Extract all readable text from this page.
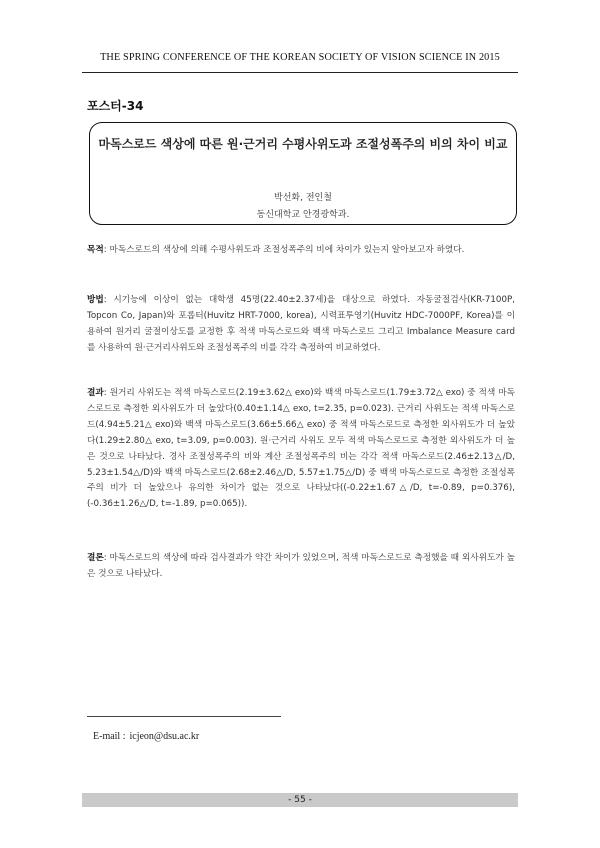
THE SPRING CONFERENCE OF THE KOREAN SOCIETY OF VISION SCIENCE IN 2015
포스터-34
마독스로드 색상에 따른 원·근거리 수평사위도과 조절성폭주의 비의 차이 비교
박선화, 전인철
동신대학교 안경광학과.
목적: 마독스로드의 색상에 의해 수평사위도과 조절성폭주의 비에 차이가 있는지 알아보고자 하였다.
방법: 시기능에 이상이 없는 대학생 45명(22.40±2.37세)을 대상으로 하였다. 자동굴절검사(KR-7100P, Topcon Co, Japan)와 포롭터(Huvitz HRT-7000, korea), 시력표투영기(Huvitz HDC-7000PF, Korea)를 이용하여 원거리 굴절이상도를 교정한 후 적색 마독스로드와 백색 마독스로드 그리고 Imbalance Measure card를 사용하여 원·근거리사위도와 조절성폭주의 비를 각각 측정하여 비교하였다.
결과: 원거리 사위도는 적색 마독스로드(2.19±3.62△ exo)와 백색 마독스로드(1.79±3.72△ exo) 중 적색 마독스로드로 측정한 외사위도가 더 높았다(0.40±1.14△ exo, t=2.35, p=0.023). 근거리 사위도는 적색 마독스로드(4.94±5.21△ exo)와 백색 마독스로드(3.66±5.66△ exo) 중 적색 마독스로드로 측정한 외사위도가 더 높았다(1.29±2.80△ exo, t=3.09, p=0.003). 원·근거리 사위도 모두 적색 마독스로드로 측정한 외사위도가 더 높은 것으로 나타났다. 경사 조절성폭주의 비와 계산 조절성폭주의 비는 각각 적색 마독스로드(2.46±2.13△/D, 5.23±1.54△/D)와 백색 마독스로드(2.68±2.46△/D, 5.57±1.75△/D) 중 백색 마독스로드로 측정한 조절성폭주의 비가 더 높았으나 유의한 차이가 없는 것으로 나타났다((-0.22±1.67△/D, t=-0.89, p=0.376), (-0.36±1.26△/D, t=-1.89, p=0.065)).
결론: 마독스로드의 색상에 따라 검사결과가 약간 차이가 있었으며, 적색 마독스로드로 측정했을 때 외사위도가 높은 것으로 나타났다.
E-mail : icjeon@dsu.ac.kr
- 55 -
